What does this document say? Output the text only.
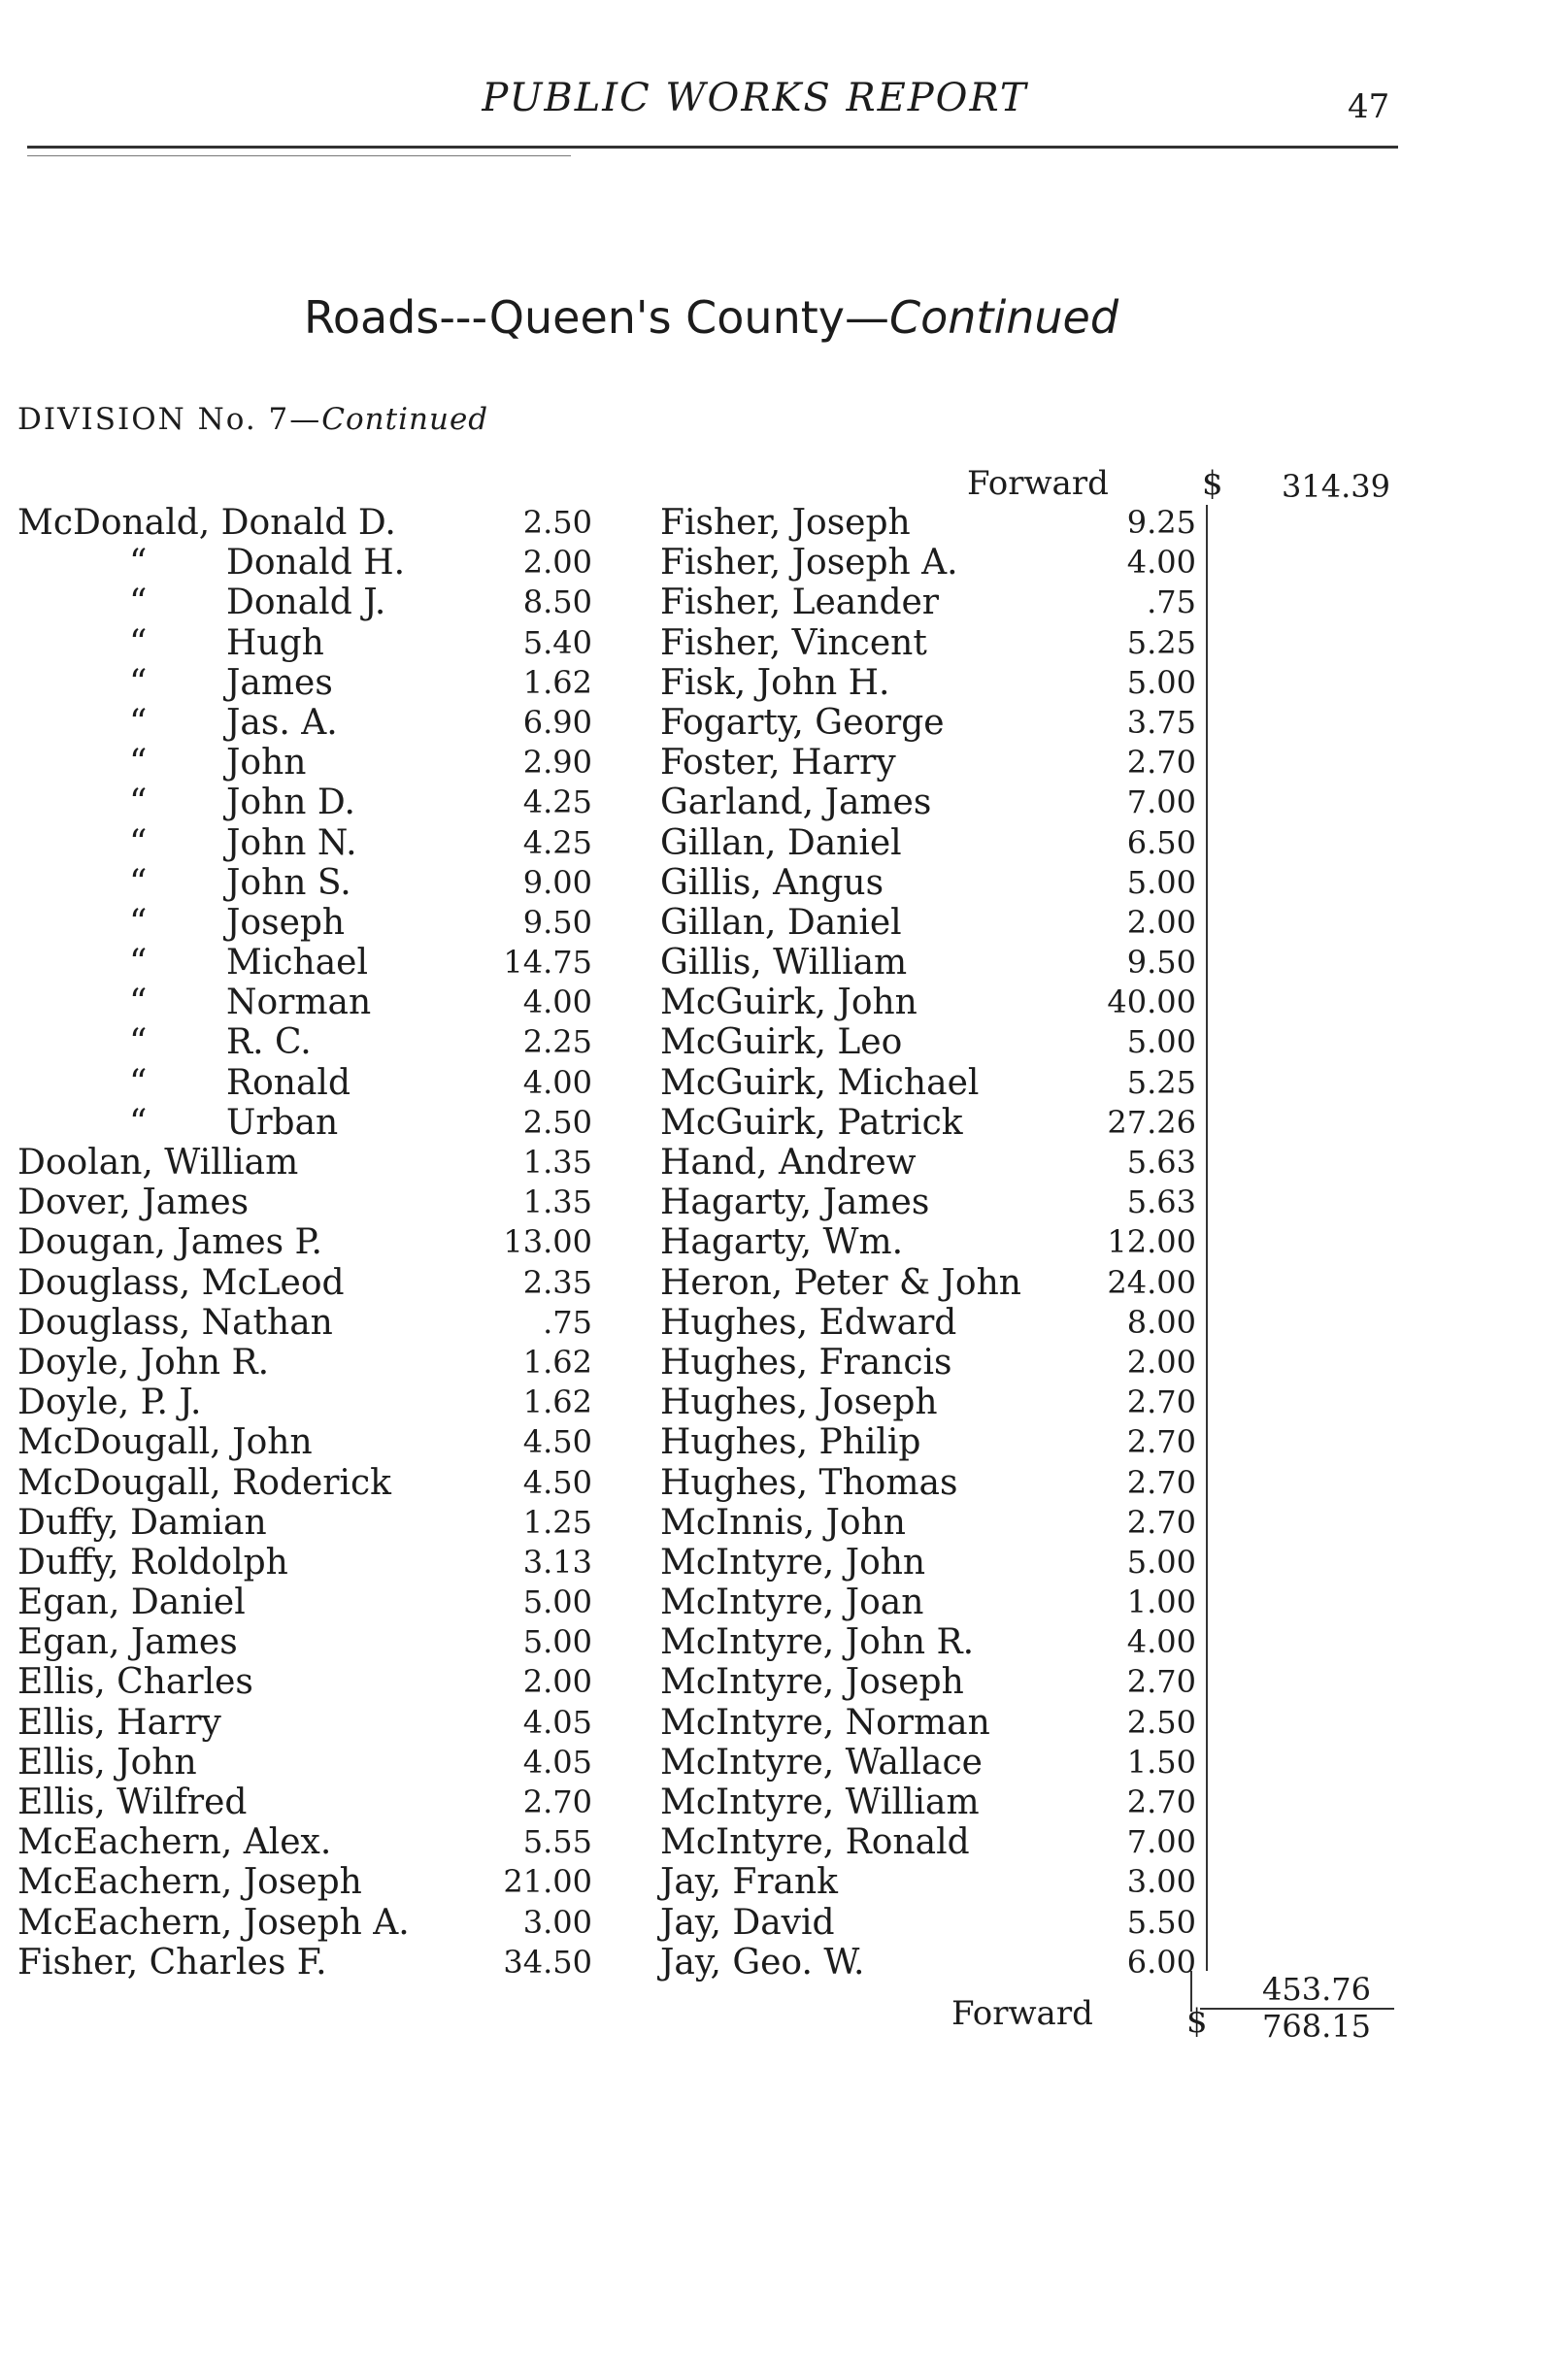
PUBLIC WORKS REPORT	47
Roads---Queen's County—Continued
DIVISION No. 7—Continued
Forward	$ 314.39
McDonald, Donald D.	2.50
“ Donald H.	2.00
“ Donald J.	8.50
“ Hugh	5.40
“ James	1.62
“ Jas. A.	6.90
“ John	2.90
“ John D.	4.25
“ John N.	4.25
“ John S.	9.00
“ Joseph	9.50
“ Michael	14.75
“ Norman	4.00
“ R. C.	2.25
“ Ronald	4.00
“ Urban	2.50
Doolan, William	1.35
Dover, James	1.35
Dougan, James P.	13.00
Douglass, McLeod	2.35
Douglass, Nathan	.75
Doyle, John R.	1.62
Doyle, P. J.	1.62
McDougall, John	4.50
McDougall, Roderick	4.50
Duffy, Damian	1.25
Duffy, Roldolph	3.13
Egan, Daniel	5.00
Egan, James	5.00
Ellis, Charles	2.00
Ellis, Harry	4.05
Ellis, John	4.05
Ellis, Wilfred	2.70
McEachern, Alex.	5.55
McEachern, Joseph	21.00
McEachern, Joseph A.	3.00
Fisher, Charles F.	34.50
Fisher, Joseph	9.25
Fisher, Joseph A.	4.00
Fisher, Leander	.75
Fisher, Vincent	5.25
Fisk, John H.	5.00
Fogarty, George	3.75
Foster, Harry	2.70
Garland, James	7.00
Gillan, Daniel	6.50
Gillis, Angus	5.00
Gillan, Daniel	2.00
Gillis, William	9.50
McGuirk, John	40.00
McGuirk, Leo	5.00
McGuirk, Michael	5.25
McGuirk, Patrick	27.26
Hand, Andrew	5.63
Hagarty, James	5.63
Hagarty, Wm.	12.00
Heron, Peter & John	24.00
Hughes, Edward	8.00
Hughes, Francis	2.00
Hughes, Joseph	2.70
Hughes, Philip	2.70
Hughes, Thomas	2.70
McInnis, John	2.70
McIntyre, John	5.00
McIntyre, Joan	1.00
McIntyre, John R.	4.00
McIntyre, Joseph	2.70
McIntyre, Norman	2.50
McIntyre, Wallace	1.50
McIntyre, William	2.70
McIntyre, Ronald	7.00
Jay, Frank	3.00
Jay, David	5.50
Jay, Geo. W.	6.00
453.76
Forward	$ 768.15
